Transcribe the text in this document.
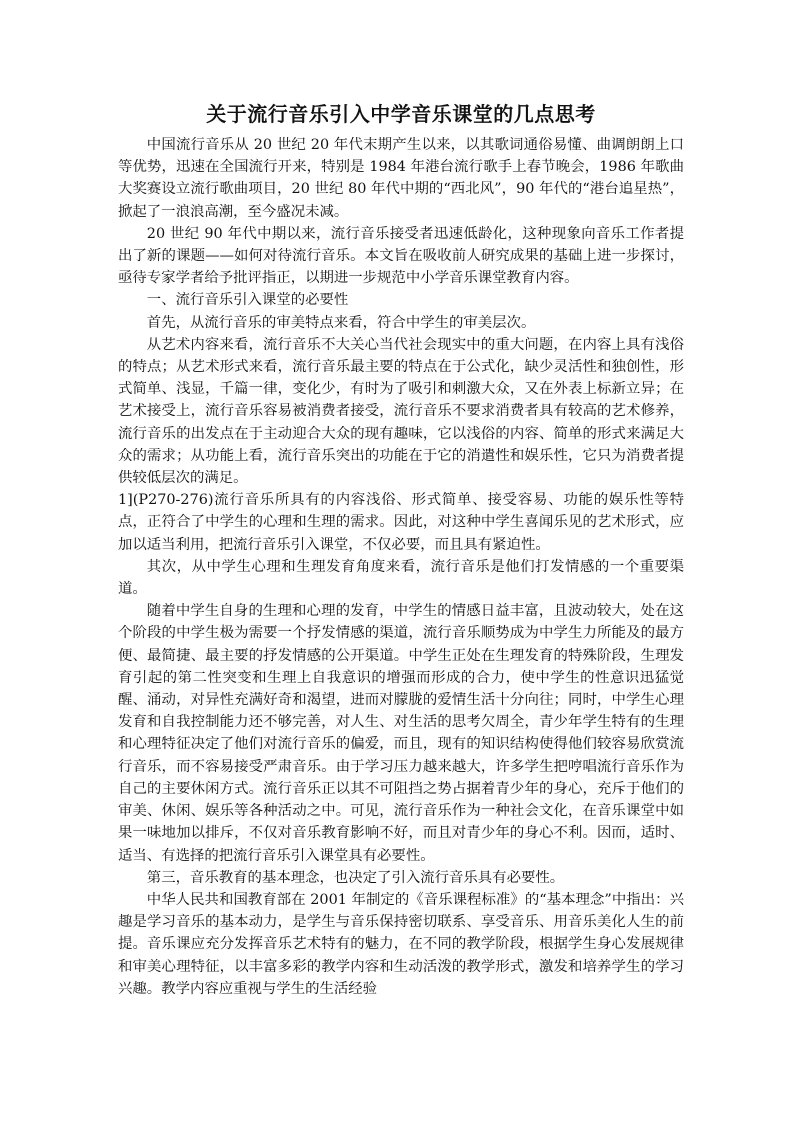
关于流行音乐引入中学音乐课堂的几点思考

中国流行音乐从 20 世纪 20 年代末期产生以来，以其歌词通俗易懂、曲调朗朗上口等优势，迅速在全国流行开来，特别是 1984 年港台流行歌手上春节晚会，1986 年歌曲大奖赛设立流行歌曲项目，20 世纪 80 年代中期的“西北风”，90 年代的“港台追星热”，掀起了一浪浪高潮，至今盛况未减。

20 世纪 90 年代中期以来，流行音乐接受者迅速低龄化，这种现象向音乐工作者提出了新的课题——如何对待流行音乐。本文旨在吸收前人研究成果的基础上进一步探讨，亟待专家学者给予批评指正，以期进一步规范中小学音乐课堂教育内容。

一、流行音乐引入课堂的必要性

首先，从流行音乐的审美特点来看，符合中学生的审美层次。

从艺术内容来看，流行音乐不大关心当代社会现实中的重大问题，在内容上具有浅俗的特点；从艺术形式来看，流行音乐最主要的特点在于公式化，缺少灵活性和独创性，形式简单、浅显，千篇一律，变化少，有时为了吸引和刺激大众，又在外表上标新立异；在艺术接受上，流行音乐容易被消费者接受，流行音乐不要求消费者具有较高的艺术修养，流行音乐的出发点在于主动迎合大众的现有趣味，它以浅俗的内容、简单的形式来满足大众的需求；从功能上看，流行音乐突出的功能在于它的消遣性和娱乐性，它只为消费者提供较低层次的满足。

1](P270-276)流行音乐所具有的内容浅俗、形式简单、接受容易、功能的娱乐性等特点，正符合了中学生的心理和生理的需求。因此，对这种中学生喜闻乐见的艺术形式，应加以适当利用，把流行音乐引入课堂，不仅必要，而且具有紧迫性。

其次，从中学生心理和生理发育角度来看，流行音乐是他们打发情感的一个重要渠道。

随着中学生自身的生理和心理的发育，中学生的情感日益丰富，且波动较大，处在这个阶段的中学生极为需要一个抒发情感的渠道，流行音乐顺势成为中学生力所能及的最方便、最简捷、最主要的抒发情感的公开渠道。中学生正处在生理发育的特殊阶段，生理发育引起的第二性突变和生理上自我意识的增强而形成的合力，使中学生的性意识迅猛觉醒、涌动，对异性充满好奇和渴望，进而对朦胧的爱情生活十分向往；同时，中学生心理发育和自我控制能力还不够完善，对人生、对生活的思考欠周全，青少年学生特有的生理和心理特征决定了他们对流行音乐的偏爱，而且，现有的知识结构使得他们较容易欣赏流行音乐，而不容易接受严肃音乐。由于学习压力越来越大，许多学生把哼唱流行音乐作为自己的主要休闲方式。流行音乐正以其不可阻挡之势占据着青少年的身心，充斥于他们的审美、休闲、娱乐等各种活动之中。可见，流行音乐作为一种社会文化，在音乐课堂中如果一味地加以排斥，不仅对音乐教育影响不好，而且对青少年的身心不利。因而，适时、适当、有选择的把流行音乐引入课堂具有必要性。

第三，音乐教育的基本理念，也决定了引入流行音乐具有必要性。

中华人民共和国教育部在 2001 年制定的《音乐课程标准》的“基本理念”中指出：兴趣是学习音乐的基本动力，是学生与音乐保持密切联系、享受音乐、用音乐美化人生的前提。音乐课应充分发挥音乐艺术特有的魅力，在不同的教学阶段，根据学生身心发展规律和审美心理特征，以丰富多彩的教学内容和生动活泼的教学形式，激发和培养学生的学习兴趣。教学内容应重视与学生的生活经验
